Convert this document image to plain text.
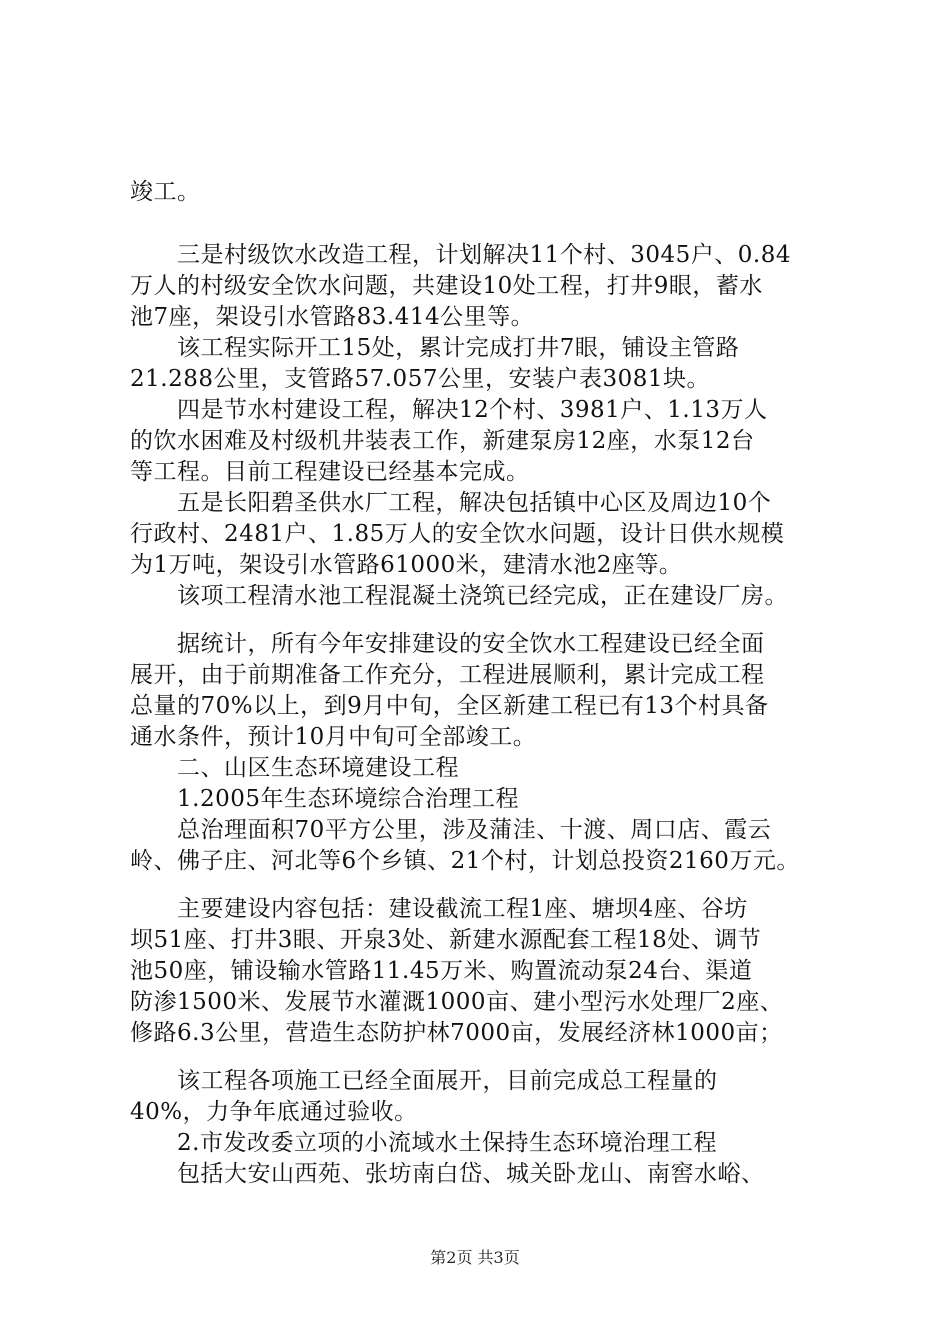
竣工。
　　三是村级饮水改造工程，计划解决11个村、3045户、0.84
万人的村级安全饮水问题，共建设10处工程，打井9眼，蓄水
池7座，架设引水管路83.414公里等。
　　该工程实际开工15处，累计完成打井7眼，铺设主管路
21.288公里，支管路57.057公里，安装户表3081块。
　　四是节水村建设工程，解决12个村、3981户、1.13万人
的饮水困难及村级机井装表工作，新建泵房12座，水泵12台
等工程。目前工程建设已经基本完成。
　　五是长阳碧圣供水厂工程，解决包括镇中心区及周边10个
行政村、2481户、1.85万人的安全饮水问题，设计日供水规模
为1万吨，架设引水管路61000米，建清水池2座等。
　　该项工程清水池工程混凝土浇筑已经完成，正在建设厂房。
　　据统计，所有今年安排建设的安全饮水工程建设已经全面
展开，由于前期准备工作充分，工程进展顺利，累计完成工程
总量的70%以上，到9月中旬，全区新建工程已有13个村具备
通水条件，预计10月中旬可全部竣工。
　　二、山区生态环境建设工程
　　1.2005年生态环境综合治理工程
　　总治理面积70平方公里，涉及蒲洼、十渡、周口店、霞云
岭、佛子庄、河北等6个乡镇、21个村，计划总投资2160万元。
　　主要建设内容包括：建设截流工程1座、塘坝4座、谷坊
坝51座、打井3眼、开泉3处、新建水源配套工程18处、调节
池50座，铺设输水管路11.45万米、购置流动泵24台、渠道
防渗1500米、发展节水灌溉1000亩、建小型污水处理厂2座、
修路6.3公里，营造生态防护林7000亩，发展经济林1000亩；
　　该工程各项施工已经全面展开，目前完成总工程量的
40%，力争年底通过验收。
　　2.市发改委立项的小流域水土保持生态环境治理工程
　　包括大安山西苑、张坊南白岱、城关卧龙山、南窖水峪、
第2页 共3页
